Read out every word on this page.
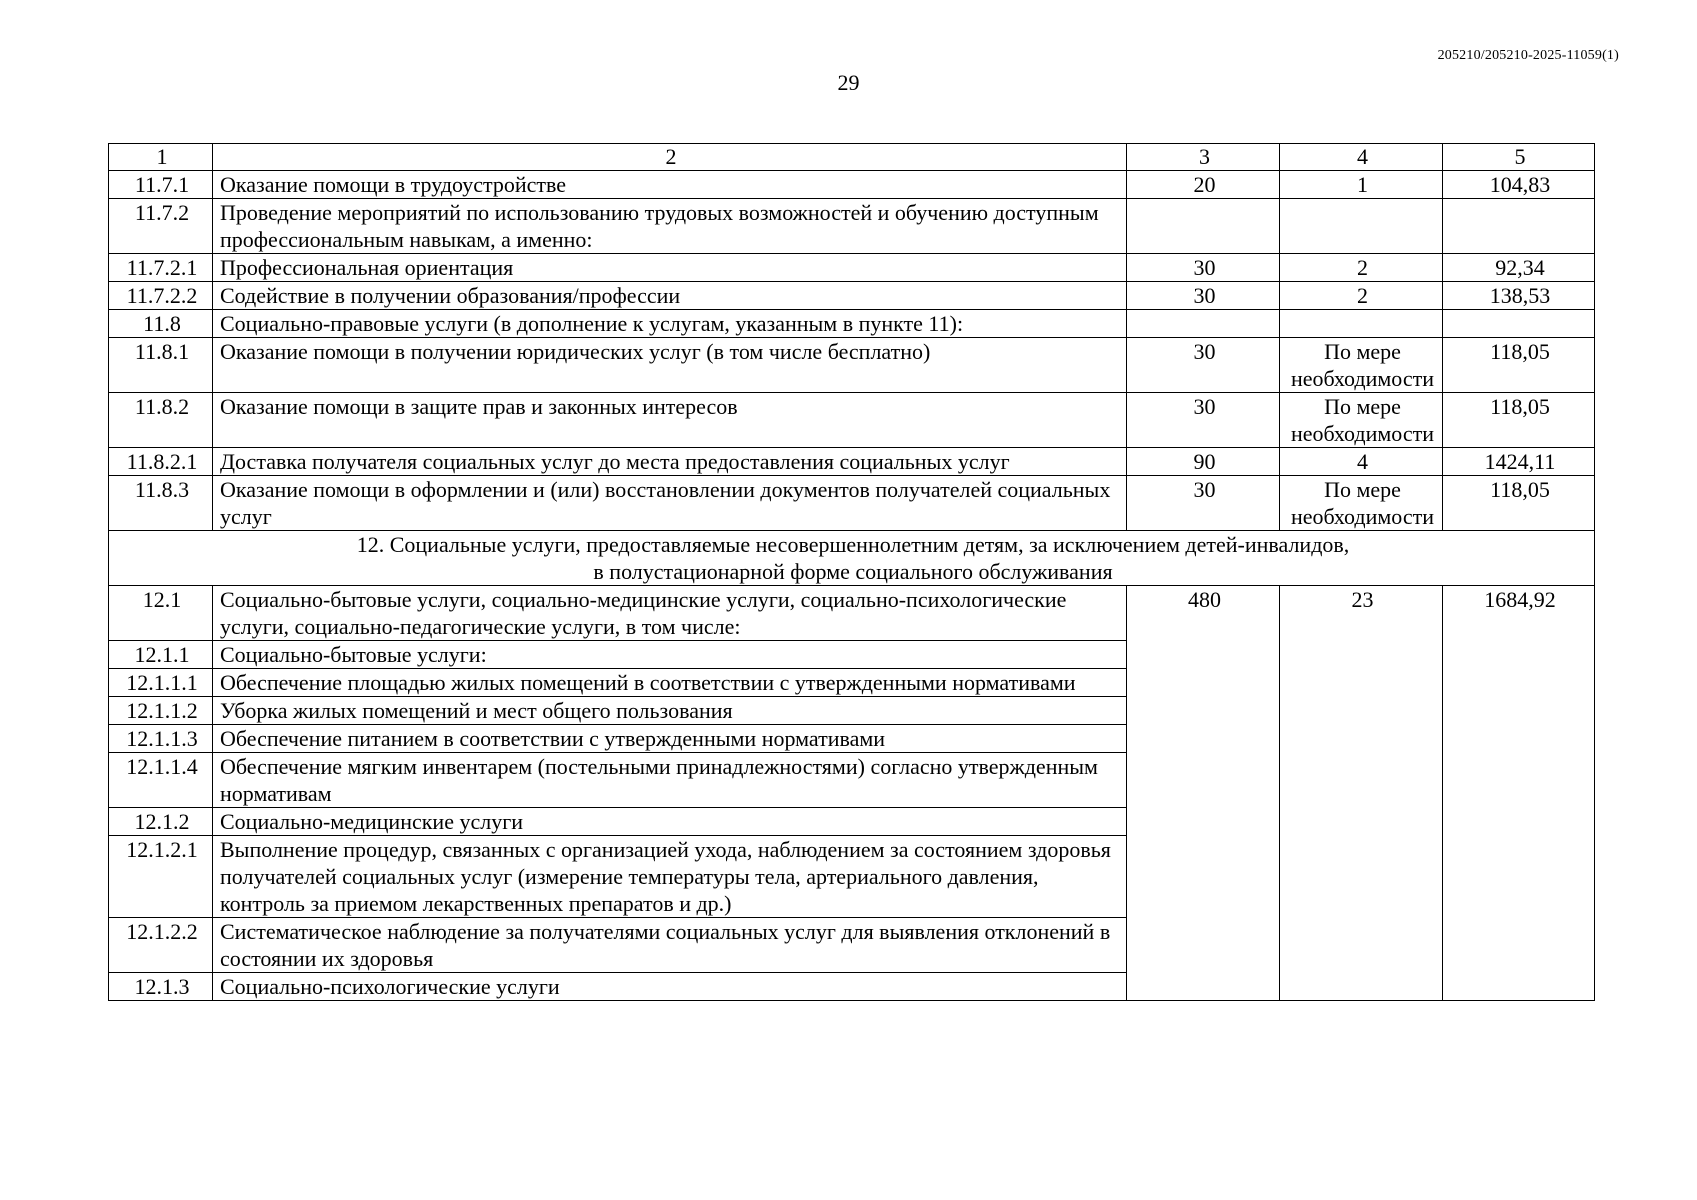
205210/205210-2025-11059(1)
29
1	2	3	4	5
11.7.1	Оказание помощи в трудоустройстве	20	1	104,83
11.7.2	Проведение мероприятий по использованию трудовых возможностей и обучению доступным профессиональным навыкам, а именно:			
11.7.2.1	Профессиональная ориентация	30	2	92,34
11.7.2.2	Содействие в получении образования/профессии	30	2	138,53
11.8	Социально-правовые услуги (в дополнение к услугам, указанным в пункте 11):			
11.8.1	Оказание помощи в получении юридических услуг (в том числе бесплатно)	30	По мере необходимости	118,05
11.8.2	Оказание помощи в защите прав и законных интересов	30	По мере необходимости	118,05
11.8.2.1	Доставка получателя социальных услуг до места предоставления социальных услуг	90	4	1424,11
11.8.3	Оказание помощи в оформлении и (или) восстановлении документов получателей социальных услуг	30	По мере необходимости	118,05

12. Социальные услуги, предоставляемые несовершеннолетним детям, за исключением детей-инвалидов,
в полустационарной форме социального обслуживания				

12.1	Социально-бытовые услуги, социально-медицинские услуги, социально-психологические услуги, социально-педагогические услуги, в том числе:	480	23	1684,92
12.1.1	Социально-бытовые услуги:			
12.1.1.1	Обеспечение площадью жилых помещений в соответствии с утвержденными нормативами			
12.1.1.2	Уборка жилых помещений и мест общего пользования			
12.1.1.3	Обеспечение питанием в соответствии с утвержденными нормативами			
12.1.1.4	Обеспечение мягким инвентарем (постельными принадлежностями) согласно утвержденным нормативам			
12.1.2	Социально-медицинские услуги			
12.1.2.1	Выполнение процедур, связанных с организацией ухода, наблюдением за состоянием здоровья получателей социальных услуг (измерение температуры тела, артериального давления, контроль за приемом лекарственных препаратов и др.)			
12.1.2.2	Систематическое наблюдение за получателями социальных услуг для выявления отклонений в состоянии их здоровья			
12.1.3	Социально-психологические услуги			
